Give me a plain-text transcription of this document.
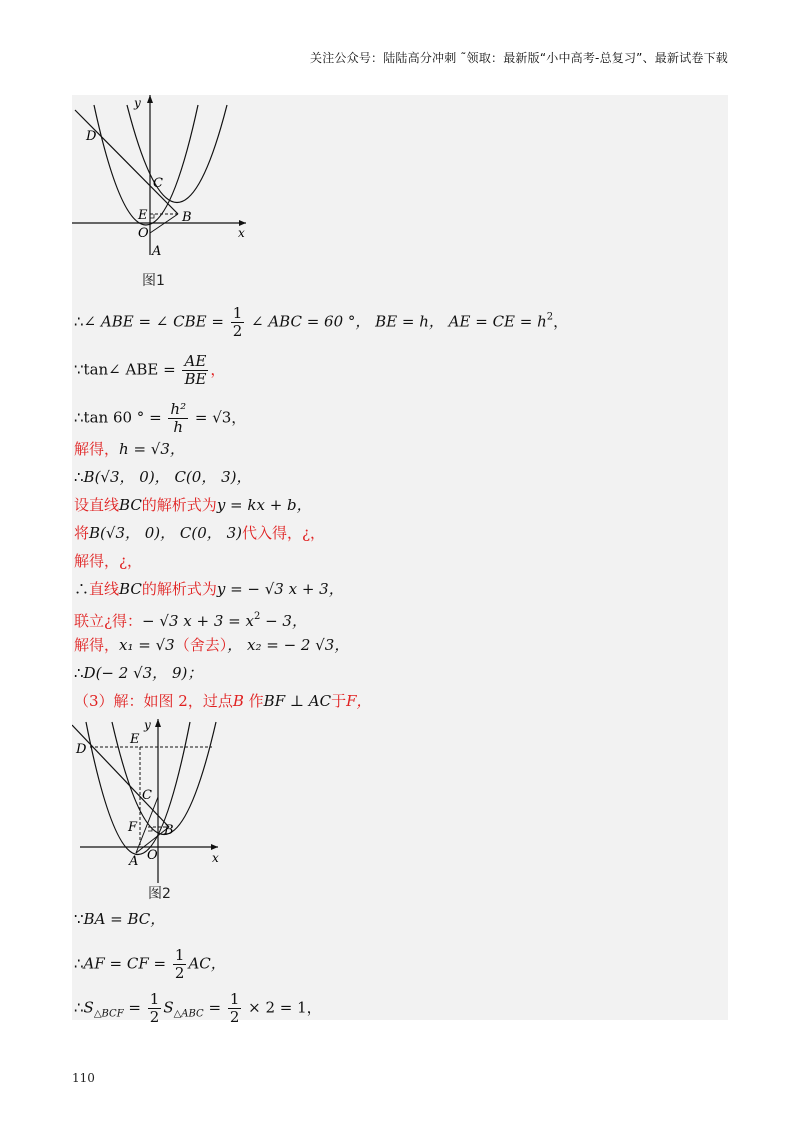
关注公众号：陆陆高分冲刺 ˜领取：最新版“小中高考-总复习”、最新试卷下载
y
x
D
C
E	B
O
A
图1
∴∠ ABE = ∠ CBE = $\frac{1}{2}$ ∠ ABC = 60 °， BE = h， AE = CE = $h^2$，
∵tan∠ ABE = $\frac{AE}{BE}$ ，
∴tan 60 ° = $\frac{\text{h²}}{h} = √3$，
解得，h = √3，
∴B(√3， 0)， C(0， 3)，
设直线BC的解析式为y = kx + b，
将B(√3， 0)， C(0， 3)代入得，¿，
解得，¿，
∴直线BC的解析式为y = − √3 x + 3，
联立¿得：− √3 $x + 3 = x^2 - 3$，
解得，x₁ = √3（舍去）， x₂ = − 2 √3，
∴D(− 2 √3， 9)；
（3）解：如图 2，过点B 作BF ⊥ AC于F，
y
x
D
E
C
F B
O
A
图2
∵BA = BC，
∴AF = CF = $\frac{1}{2}$ AC，
$\therefore S_{\triangle BCF} = \frac{1}{2} S_{\triangle ABC} = \frac{1}{2} \times 2 = 1$，
110
